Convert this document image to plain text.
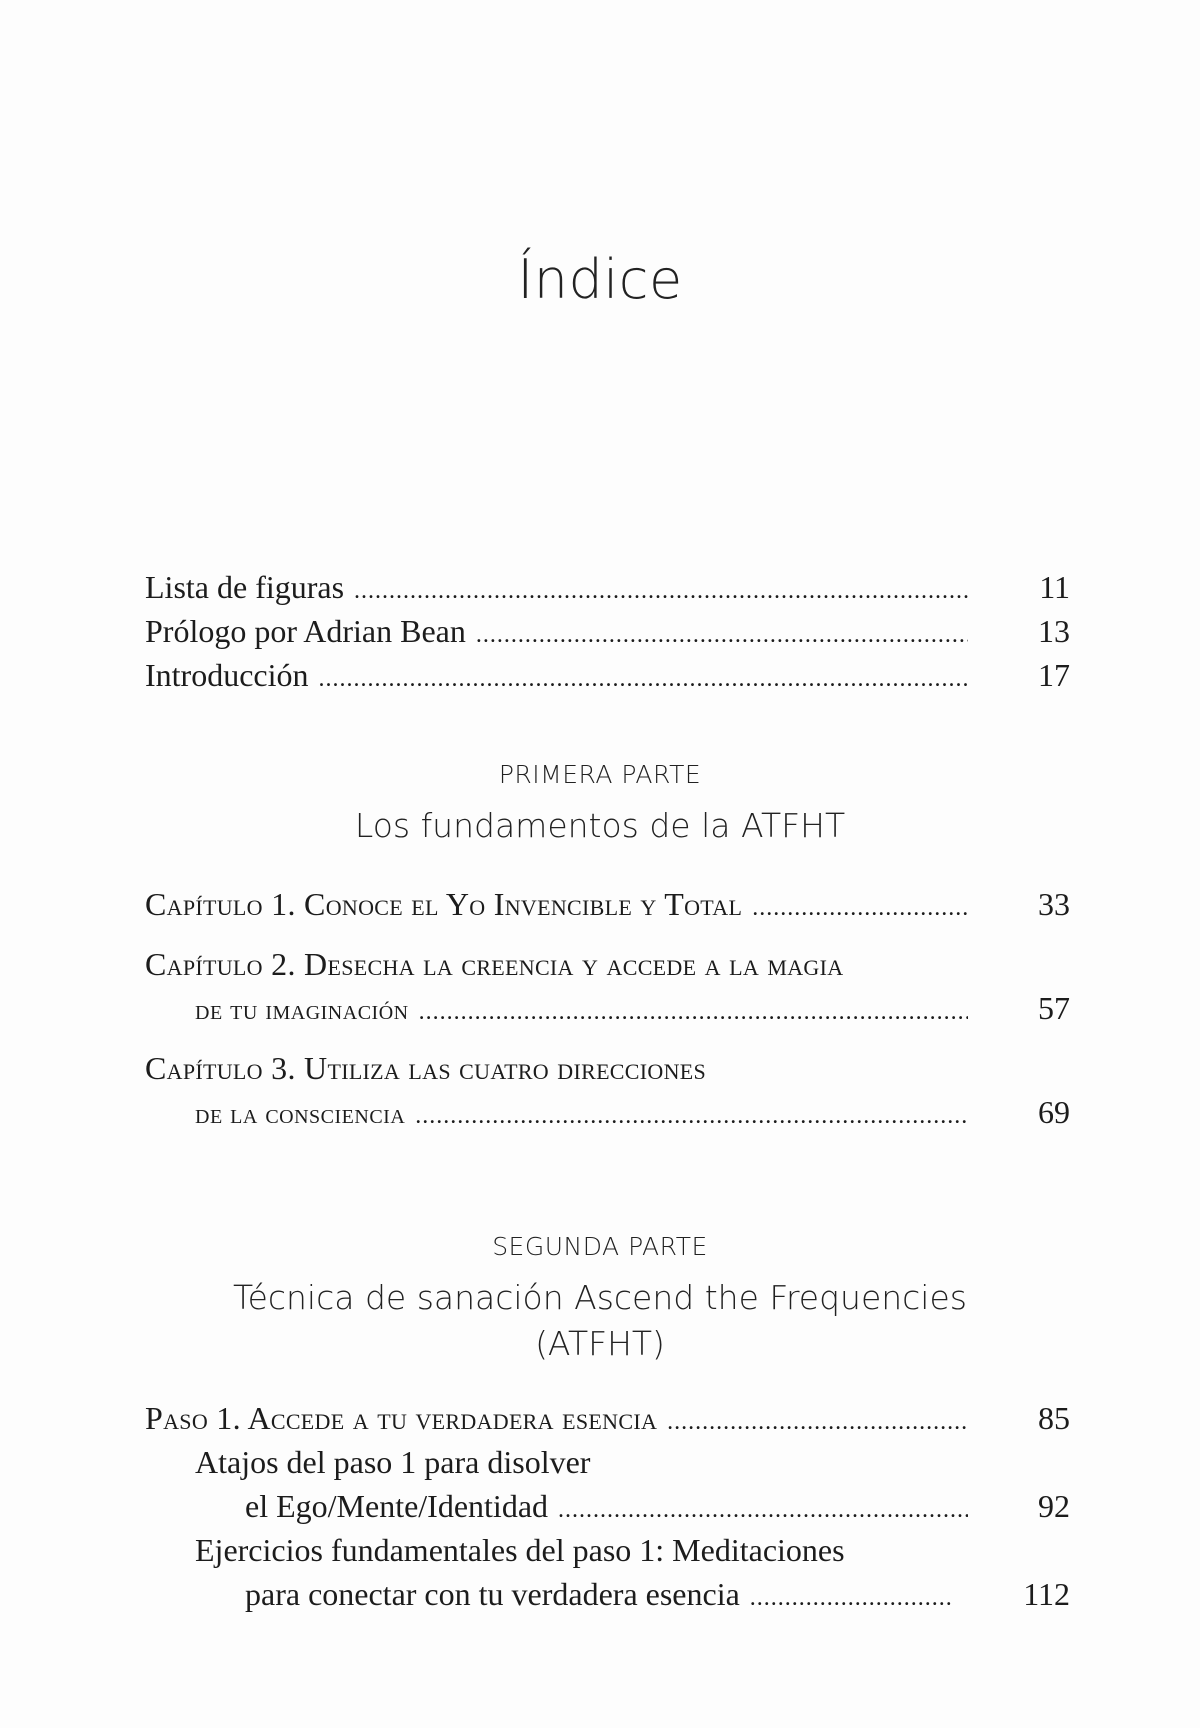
Índice
Lista de figuras .....	11
Prólogo por Adrian Bean .....	13
Introducción .....	17
PRIMERA PARTE
Los fundamentos de la ATFHT
Capítulo 1. Conoce el Yo Invencible y Total .....	33
Capítulo 2. Desecha la creencia y accede a la magia
de tu imaginación .....	57
Capítulo 3. Utiliza las cuatro direcciones
de la consciencia .....	69
SEGUNDA PARTE
Técnica de sanación Ascend the Frequencies
(ATFHT)
Paso 1. Accede a tu verdadera esencia .....	85
Atajos del paso 1 para disolver
el Ego/Mente/Identidad .....	92
Ejercicios fundamentales del paso 1: Meditaciones
para conectar con tu verdadera esencia .....	112
